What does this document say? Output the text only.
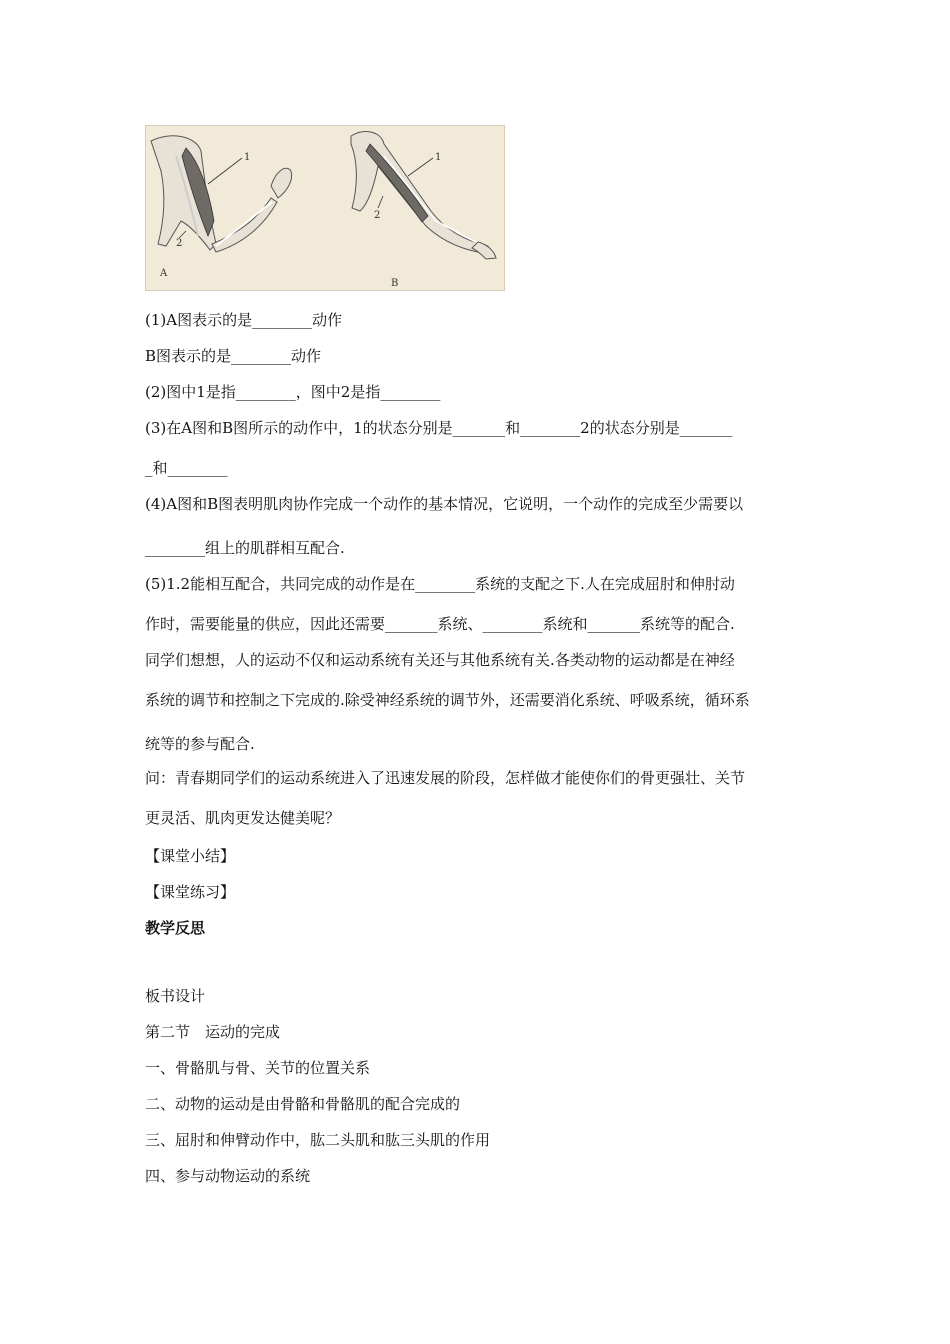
1
2
A
1
2
B
(1)A图表示的是________动作
B图表示的是________动作
(2)图中1是指________，图中2是指________
(3)在A图和B图所示的动作中，1的状态分别是_______和________2的状态分别是_______
_和________
(4)A图和B图表明肌肉协作完成一个动作的基本情况，它说明，一个动作的完成至少需要以
________组上的肌群相互配合.
(5)1.2能相互配合，共同完成的动作是在________系统的支配之下.人在完成屈肘和伸肘动
作时，需要能量的供应，因此还需要_______系统、________系统和_______系统等的配合.
同学们想想，人的运动不仅和运动系统有关还与其他系统有关.各类动物的运动都是在神经
系统的调节和控制之下完成的.除受神经系统的调节外，还需要消化系统、呼吸系统，循环系
统等的参与配合.
问：青春期同学们的运动系统进入了迅速发展的阶段，怎样做才能使你们的骨更强壮、关节
更灵活、肌肉更发达健美呢？
【课堂小结】
【课堂练习】
教学反思
板书设计
第二节　运动的完成
一、骨骼肌与骨、关节的位置关系
二、动物的运动是由骨骼和骨骼肌的配合完成的
三、屈肘和伸臂动作中，肱二头肌和肱三头肌的作用
四、参与动物运动的系统
